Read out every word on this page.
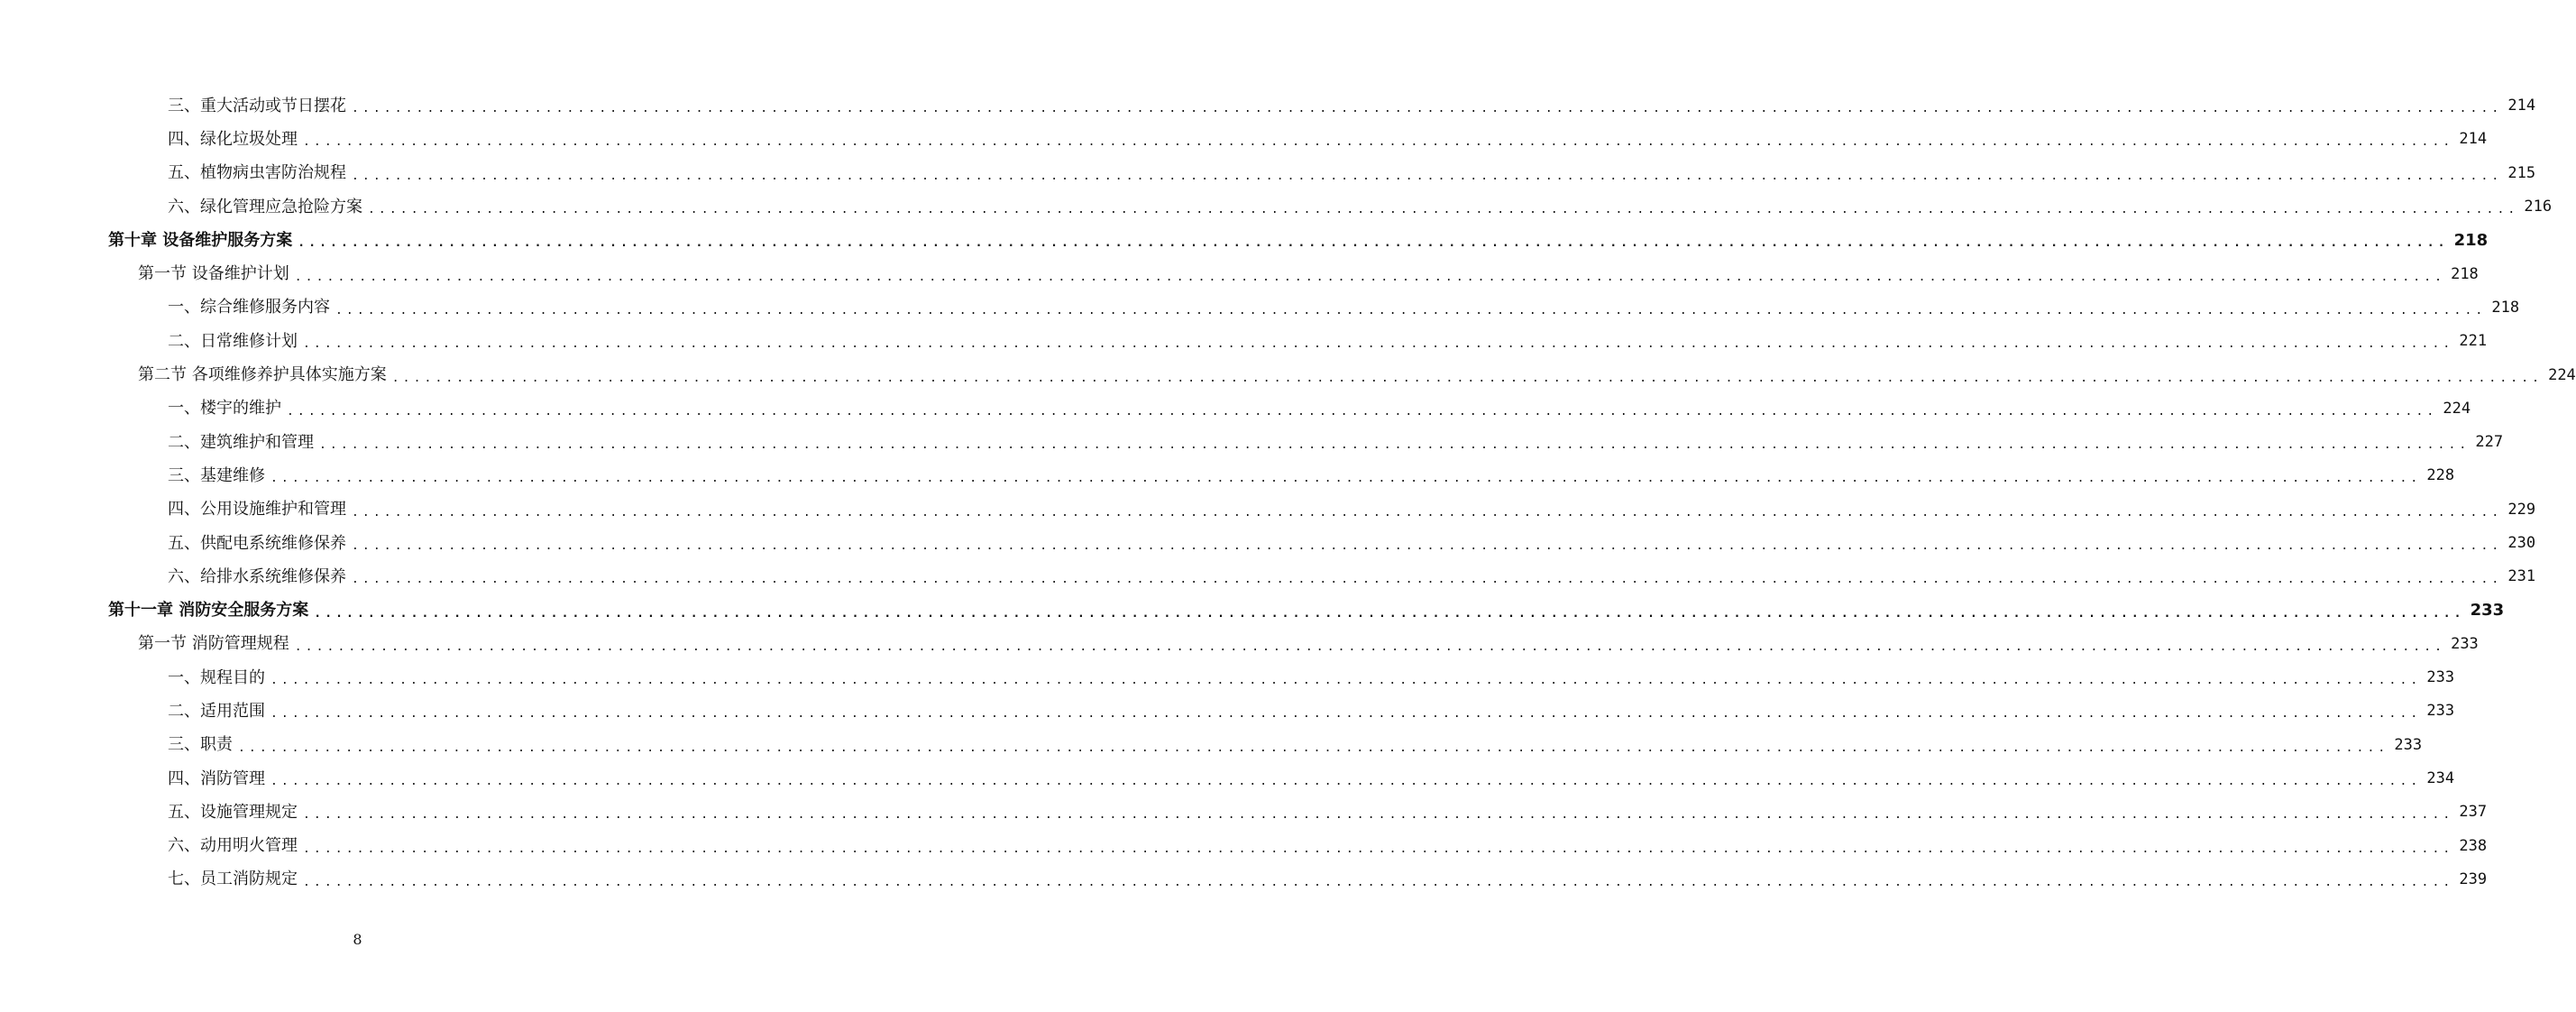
三、重大活动或节日摆花 ........................................................................................................................................................................................................ 214
四、绿化垃圾处理 ........................................................................................................................................................................................................ 214
五、植物病虫害防治规程 ........................................................................................................................................................................................................ 215
六、绿化管理应急抢险方案 ........................................................................................................................................................................................................ 216
第十章 设备维护服务方案 ........................................................................................................................................................................................................ 218
第一节 设备维护计划 ........................................................................................................................................................................................................ 218
一、综合维修服务内容 ........................................................................................................................................................................................................ 218
二、日常维修计划 ........................................................................................................................................................................................................ 221
第二节 各项维修养护具体实施方案 ........................................................................................................................................................................................................ 224
一、楼宇的维护 ........................................................................................................................................................................................................ 224
二、建筑维护和管理 ........................................................................................................................................................................................................ 227
三、基建维修 ........................................................................................................................................................................................................ 228
四、公用设施维护和管理 ........................................................................................................................................................................................................ 229
五、供配电系统维修保养 ........................................................................................................................................................................................................ 230
六、给排水系统维修保养 ........................................................................................................................................................................................................ 231
第十一章 消防安全服务方案 ........................................................................................................................................................................................................ 233
第一节 消防管理规程 ........................................................................................................................................................................................................ 233
一、规程目的 ........................................................................................................................................................................................................ 233
二、适用范围 ........................................................................................................................................................................................................ 233
三、职责 ........................................................................................................................................................................................................ 233
四、消防管理 ........................................................................................................................................................................................................ 234
五、设施管理规定 ........................................................................................................................................................................................................ 237
六、动用明火管理 ........................................................................................................................................................................................................ 238
七、员工消防规定 ........................................................................................................................................................................................................ 239
8
